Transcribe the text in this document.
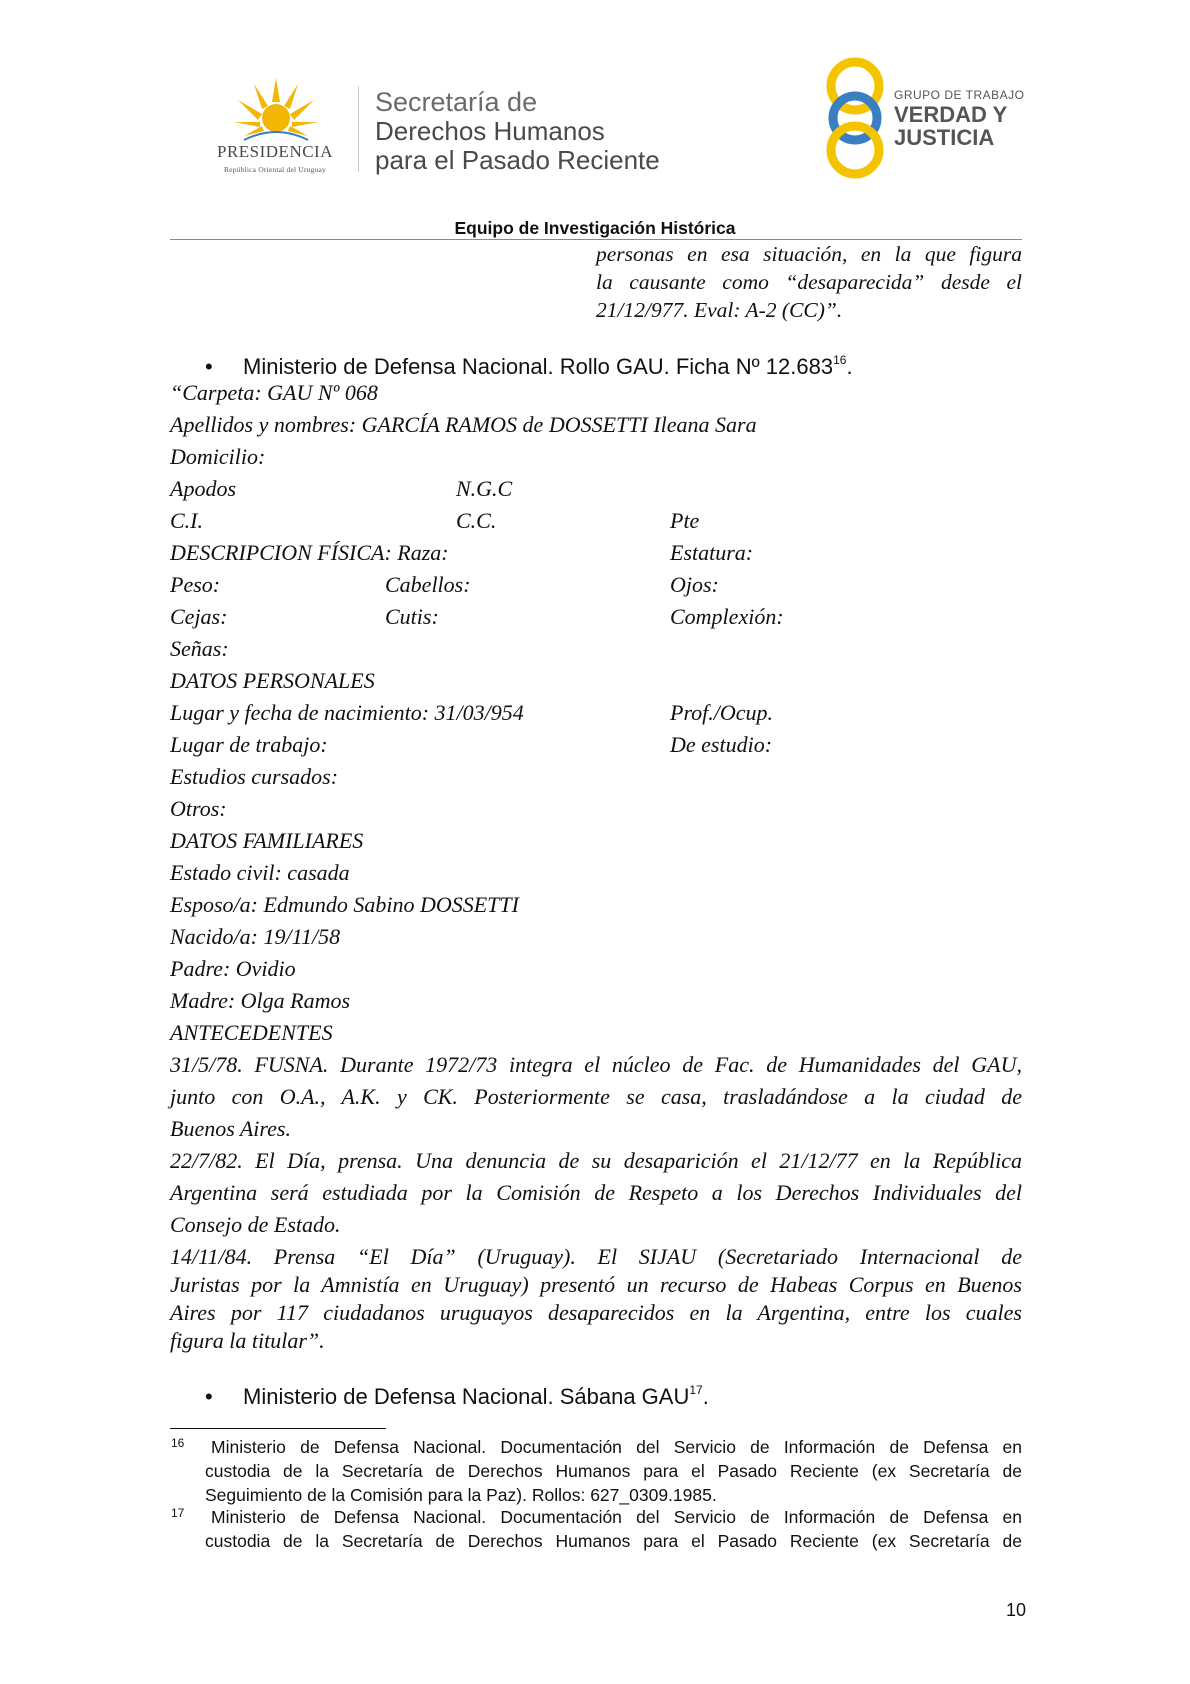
PRESIDENCIA
República Oriental del Uruguay
Secretaría de
Derechos Humanos
para el Pasado Reciente
GRUPO DE TRABAJO
VERDAD Y
JUSTICIA
Equipo de Investigación Histórica
personas en esa situación, en la que figura
la causante como “desaparecida” desde el
21/12/977. Eval: A-2 (CC)”.
• Ministerio de Defensa Nacional. Rollo GAU. Ficha Nº 12.683$^{16}$.
“Carpeta: GAU Nº 068
Apellidos y nombres: GARCÍA RAMOS de DOSSETTI Ileana Sara
Domicilio:
Apodos	N.G.C
C.I.	C.C.	Pte
DESCRIPCION FÍSICA: Raza:	Estatura:
Peso:	Cabellos:	Ojos:
Cejas:	Cutis:	Complexión:
Señas:
DATOS PERSONALES
Lugar y fecha de nacimiento: 31/03/954	Prof./Ocup.
Lugar de trabajo:	De estudio:
Estudios cursados:
Otros:
DATOS FAMILIARES
Estado civil: casada
Esposo/a: Edmundo Sabino DOSSETTI
Nacido/a: 19/11/58
Padre: Ovidio
Madre: Olga Ramos
ANTECEDENTES
31/5/78. FUSNA. Durante 1972/73 integra el núcleo de Fac. de Humanidades del GAU,
junto con O.A., A.K. y CK. Posteriormente se casa, trasladándose a la ciudad de
Buenos Aires.
22/7/82. El Día, prensa. Una denuncia de su desaparición el 21/12/77 en la República
Argentina será estudiada por la Comisión de Respeto a los Derechos Individuales del
Consejo de Estado.
14/11/84. Prensa “El Día” (Uruguay). El SIJAU (Secretariado Internacional de
Juristas por la Amnistía en Uruguay) presentó un recurso de Habeas Corpus en Buenos
Aires por 117 ciudadanos uruguayos desaparecidos en la Argentina, entre los cuales
figura la titular”.
• Ministerio de Defensa Nacional. Sábana GAU$^{17}$.
16 Ministerio de Defensa Nacional. Documentación del Servicio de Información de Defensa en
custodia de la Secretaría de Derechos Humanos para el Pasado Reciente (ex Secretaría de
Seguimiento de la Comisión para la Paz). Rollos: 627_0309.1985.
17 Ministerio de Defensa Nacional. Documentación del Servicio de Información de Defensa en
custodia de la Secretaría de Derechos Humanos para el Pasado Reciente (ex Secretaría de
10
